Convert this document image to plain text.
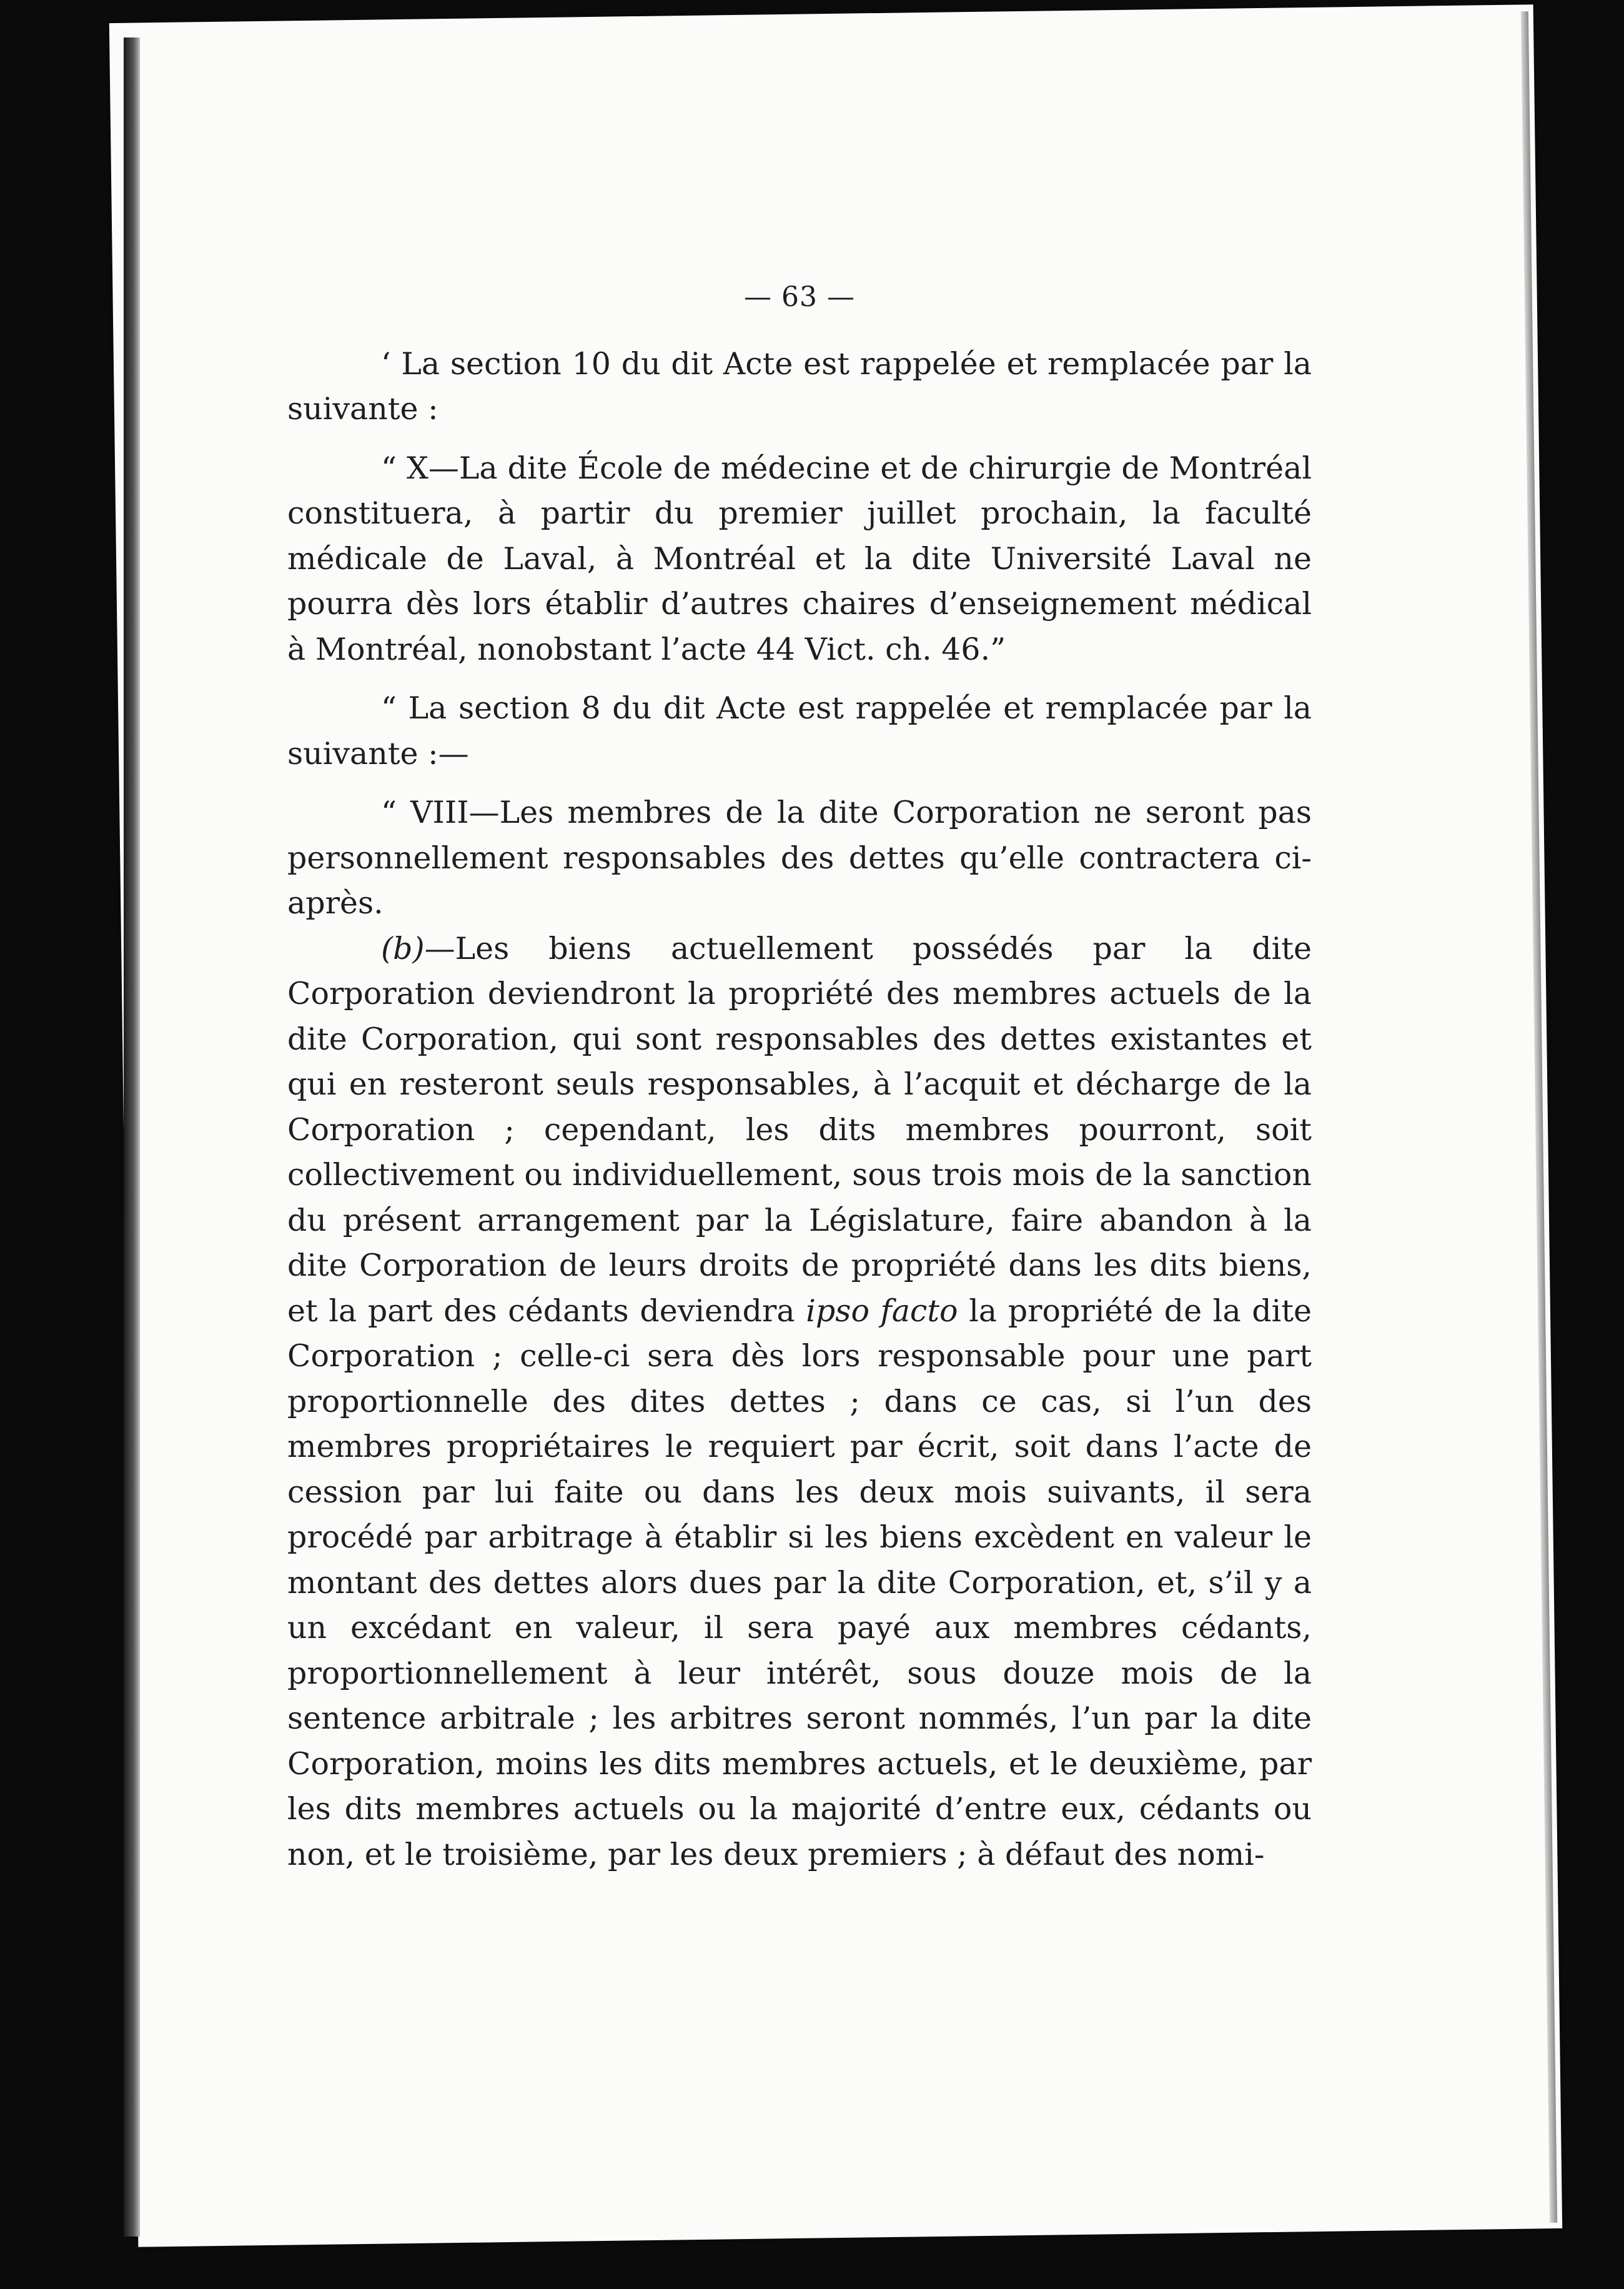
— 63 —

‘ La section 10 du dit Acte est rappelée et remplacée par la suivante :

“ X—La dite École de médecine et de chirurgie de Montréal constituera, à partir du premier juillet prochain, la faculté médicale de Laval, à Montréal et la dite Université Laval ne pourra dès lors établir d’autres chaires d’enseignement médical à Montréal, nonobstant l’acte 44 Vict. ch. 46.”

“ La section 8 du dit Acte est rappelée et remplacée par la suivante :—

“ VIII—Les membres de la dite Corporation ne seront pas personnellement responsables des dettes qu’elle contractera ci-après.

(b)—Les biens actuellement possédés par la dite Corporation deviendront la propriété des membres actuels de la dite Corporation, qui sont responsables des dettes existantes et qui en resteront seuls responsables, à l’acquit et décharge de la Corporation ; cependant, les dits membres pourront, soit collectivement ou individuellement, sous trois mois de la sanction du présent arrangement par la Législature, faire abandon à la dite Corporation de leurs droits de propriété dans les dits biens, et la part des cédants deviendra ipso facto la propriété de la dite Corporation ; celle-ci sera dès lors responsable pour une part proportionnelle des dites dettes ; dans ce cas, si l’un des membres propriétaires le requiert par écrit, soit dans l’acte de cession par lui faite ou dans les deux mois suivants, il sera procédé par arbitrage à établir si les biens excèdent en valeur le montant des dettes alors dues par la dite Corporation, et, s’il y a un excédant en valeur, il sera payé aux membres cédants, proportionnellement à leur intérêt, sous douze mois de la sentence arbitrale ; les arbitres seront nommés, l’un par la dite Corporation, moins les dits membres actuels, et le deuxième, par les dits membres actuels ou la majorité d’entre eux, cédants ou non, et le troisième, par les deux premiers ; à défaut des nomi-
